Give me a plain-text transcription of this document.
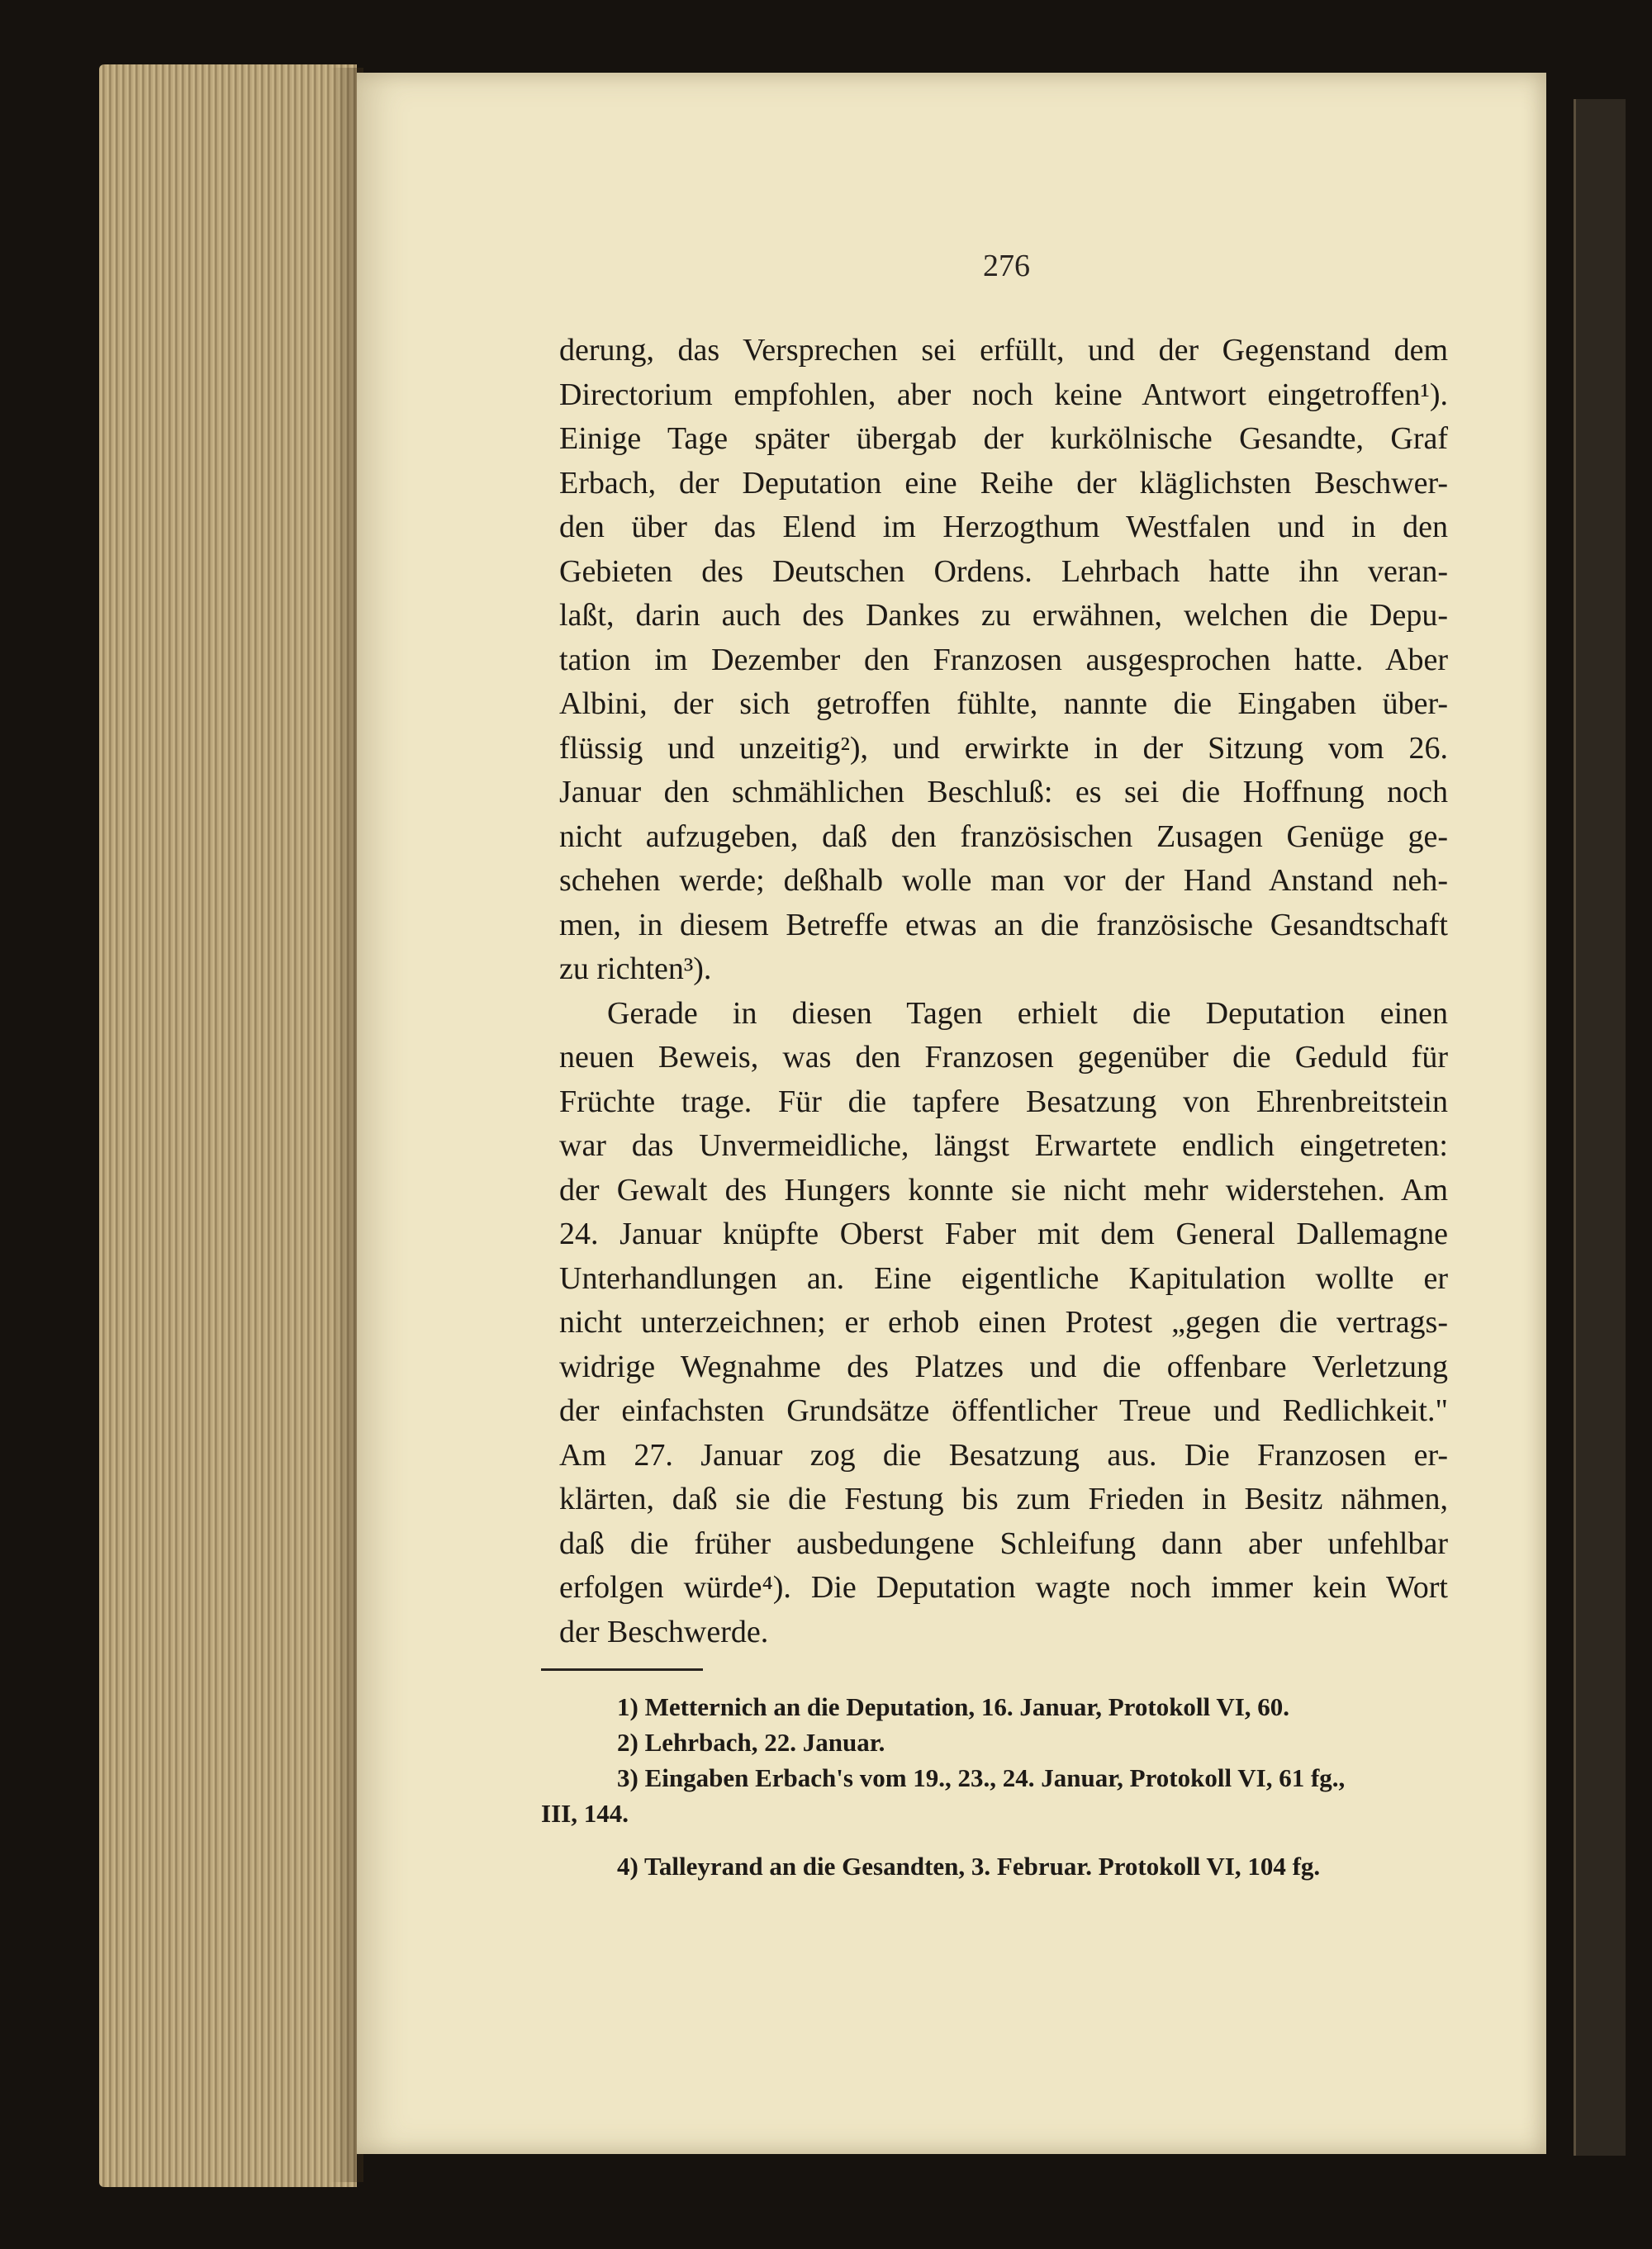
276
derung, das Versprechen sei erfüllt, und der Gegenstand dem
Directorium empfohlen, aber noch keine Antwort eingetroffen¹).
Einige Tage später übergab der kurkölnische Gesandte, Graf
Erbach, der Deputation eine Reihe der kläglichsten Beschwer-
den über das Elend im Herzogthum Westfalen und in den
Gebieten des Deutschen Ordens. Lehrbach hatte ihn veran-
laßt, darin auch des Dankes zu erwähnen, welchen die Depu-
tation im Dezember den Franzosen ausgesprochen hatte. Aber
Albini, der sich getroffen fühlte, nannte die Eingaben über-
flüssig und unzeitig²), und erwirkte in der Sitzung vom 26.
Januar den schmählichen Beschluß: es sei die Hoffnung noch
nicht aufzugeben, daß den französischen Zusagen Genüge ge-
schehen werde; deßhalb wolle man vor der Hand Anstand neh-
men, in diesem Betreffe etwas an die französische Gesandtschaft
zu richten³).
Gerade in diesen Tagen erhielt die Deputation einen
neuen Beweis, was den Franzosen gegenüber die Geduld für
Früchte trage. Für die tapfere Besatzung von Ehrenbreitstein
war das Unvermeidliche, längst Erwartete endlich eingetreten:
der Gewalt des Hungers konnte sie nicht mehr widerstehen. Am
24. Januar knüpfte Oberst Faber mit dem General Dallemagne
Unterhandlungen an. Eine eigentliche Kapitulation wollte er
nicht unterzeichnen; er erhob einen Protest „gegen die vertrags-
widrige Wegnahme des Platzes und die offenbare Verletzung
der einfachsten Grundsätze öffentlicher Treue und Redlichkeit."
Am 27. Januar zog die Besatzung aus. Die Franzosen er-
klärten, daß sie die Festung bis zum Frieden in Besitz nähmen,
daß die früher ausbedungene Schleifung dann aber unfehlbar
erfolgen würde⁴). Die Deputation wagte noch immer kein Wort
der Beschwerde.
1) Metternich an die Deputation, 16. Januar, Protokoll VI, 60.
2) Lehrbach, 22. Januar.
3) Eingaben Erbach's vom 19., 23., 24. Januar, Protokoll VI, 61 fg.,
III, 144.
4) Talleyrand an die Gesandten, 3. Februar. Protokoll VI, 104 fg.
